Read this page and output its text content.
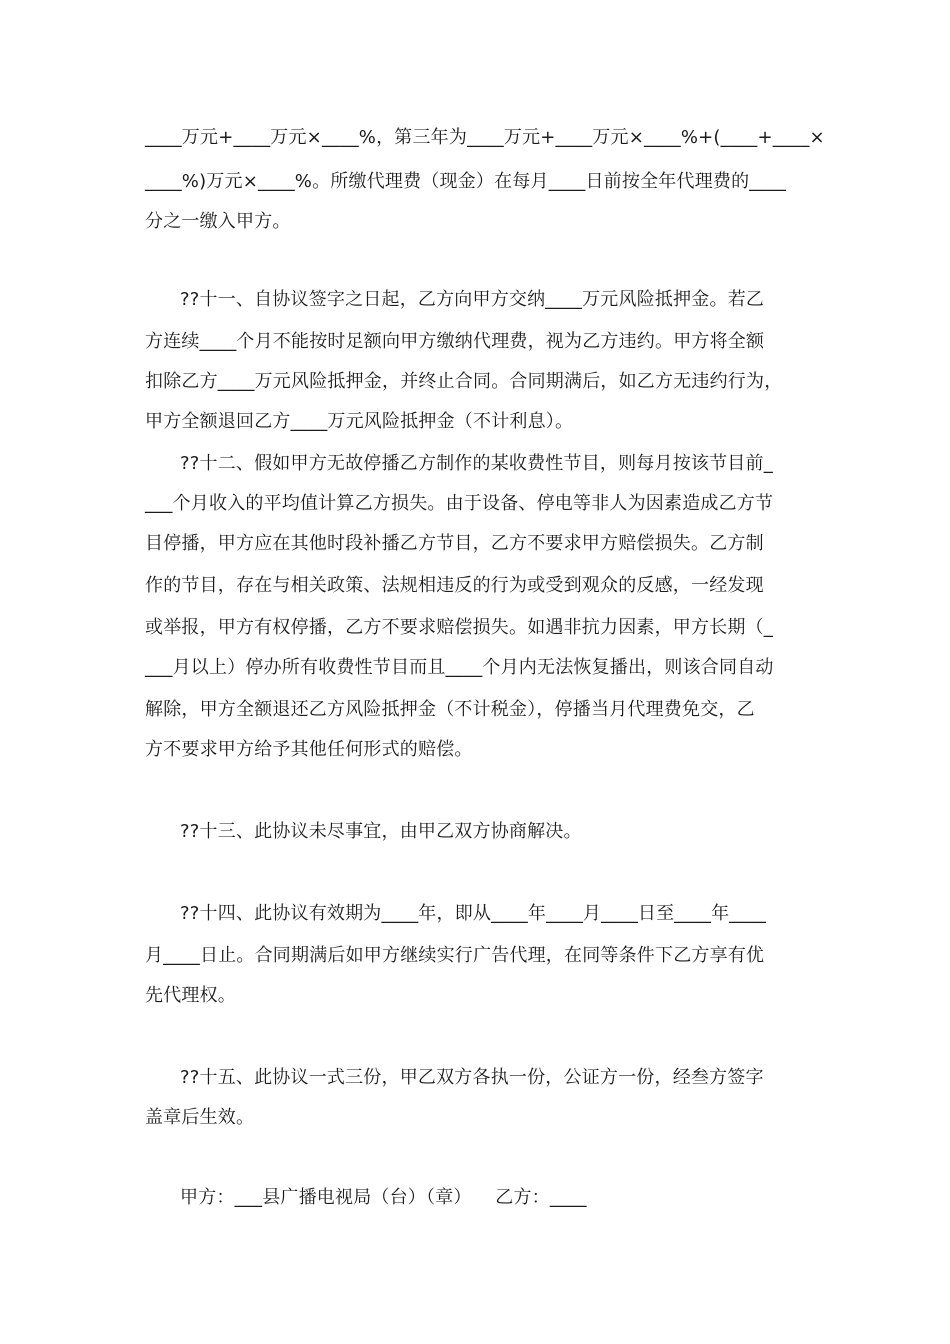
____万元+____万元×____%，第三年为____万元+____万元×____%+(____+____×
____%)万元×____%。所缴代理费（现金）在每月____日前按全年代理费的____
分之一缴入甲方。
??十一、自协议签字之日起，乙方向甲方交纳____万元风险抵押金。若乙
方连续____个月不能按时足额向甲方缴纳代理费，视为乙方违约。甲方将全额
扣除乙方____万元风险抵押金，并终止合同。合同期满后，如乙方无违约行为，
甲方全额退回乙方____万元风险抵押金（不计利息）。
??十二、假如甲方无故停播乙方制作的某收费性节目，则每月按该节目前_
___个月收入的平均值计算乙方损失。由于设备、停电等非人为因素造成乙方节
目停播，甲方应在其他时段补播乙方节目，乙方不要求甲方赔偿损失。乙方制
作的节目，存在与相关政策、法规相违反的行为或受到观众的反感，一经发现
或举报，甲方有权停播，乙方不要求赔偿损失。如遇非抗力因素，甲方长期（_
___月以上）停办所有收费性节目而且____个月内无法恢复播出，则该合同自动
解除，甲方全额退还乙方风险抵押金（不计税金），停播当月代理费免交，乙
方不要求甲方给予其他任何形式的赔偿。
??十三、此协议未尽事宜，由甲乙双方协商解决。
??十四、此协议有效期为____年，即从____年____月____日至____年____
月____日止。合同期满后如甲方继续实行广告代理，在同等条件下乙方享有优
先代理权。
??十五、此协议一式三份，甲乙双方各执一份，公证方一份，经叁方签字
盖章后生效。
甲方：___县广播电视局（台）（章）    乙方：____
